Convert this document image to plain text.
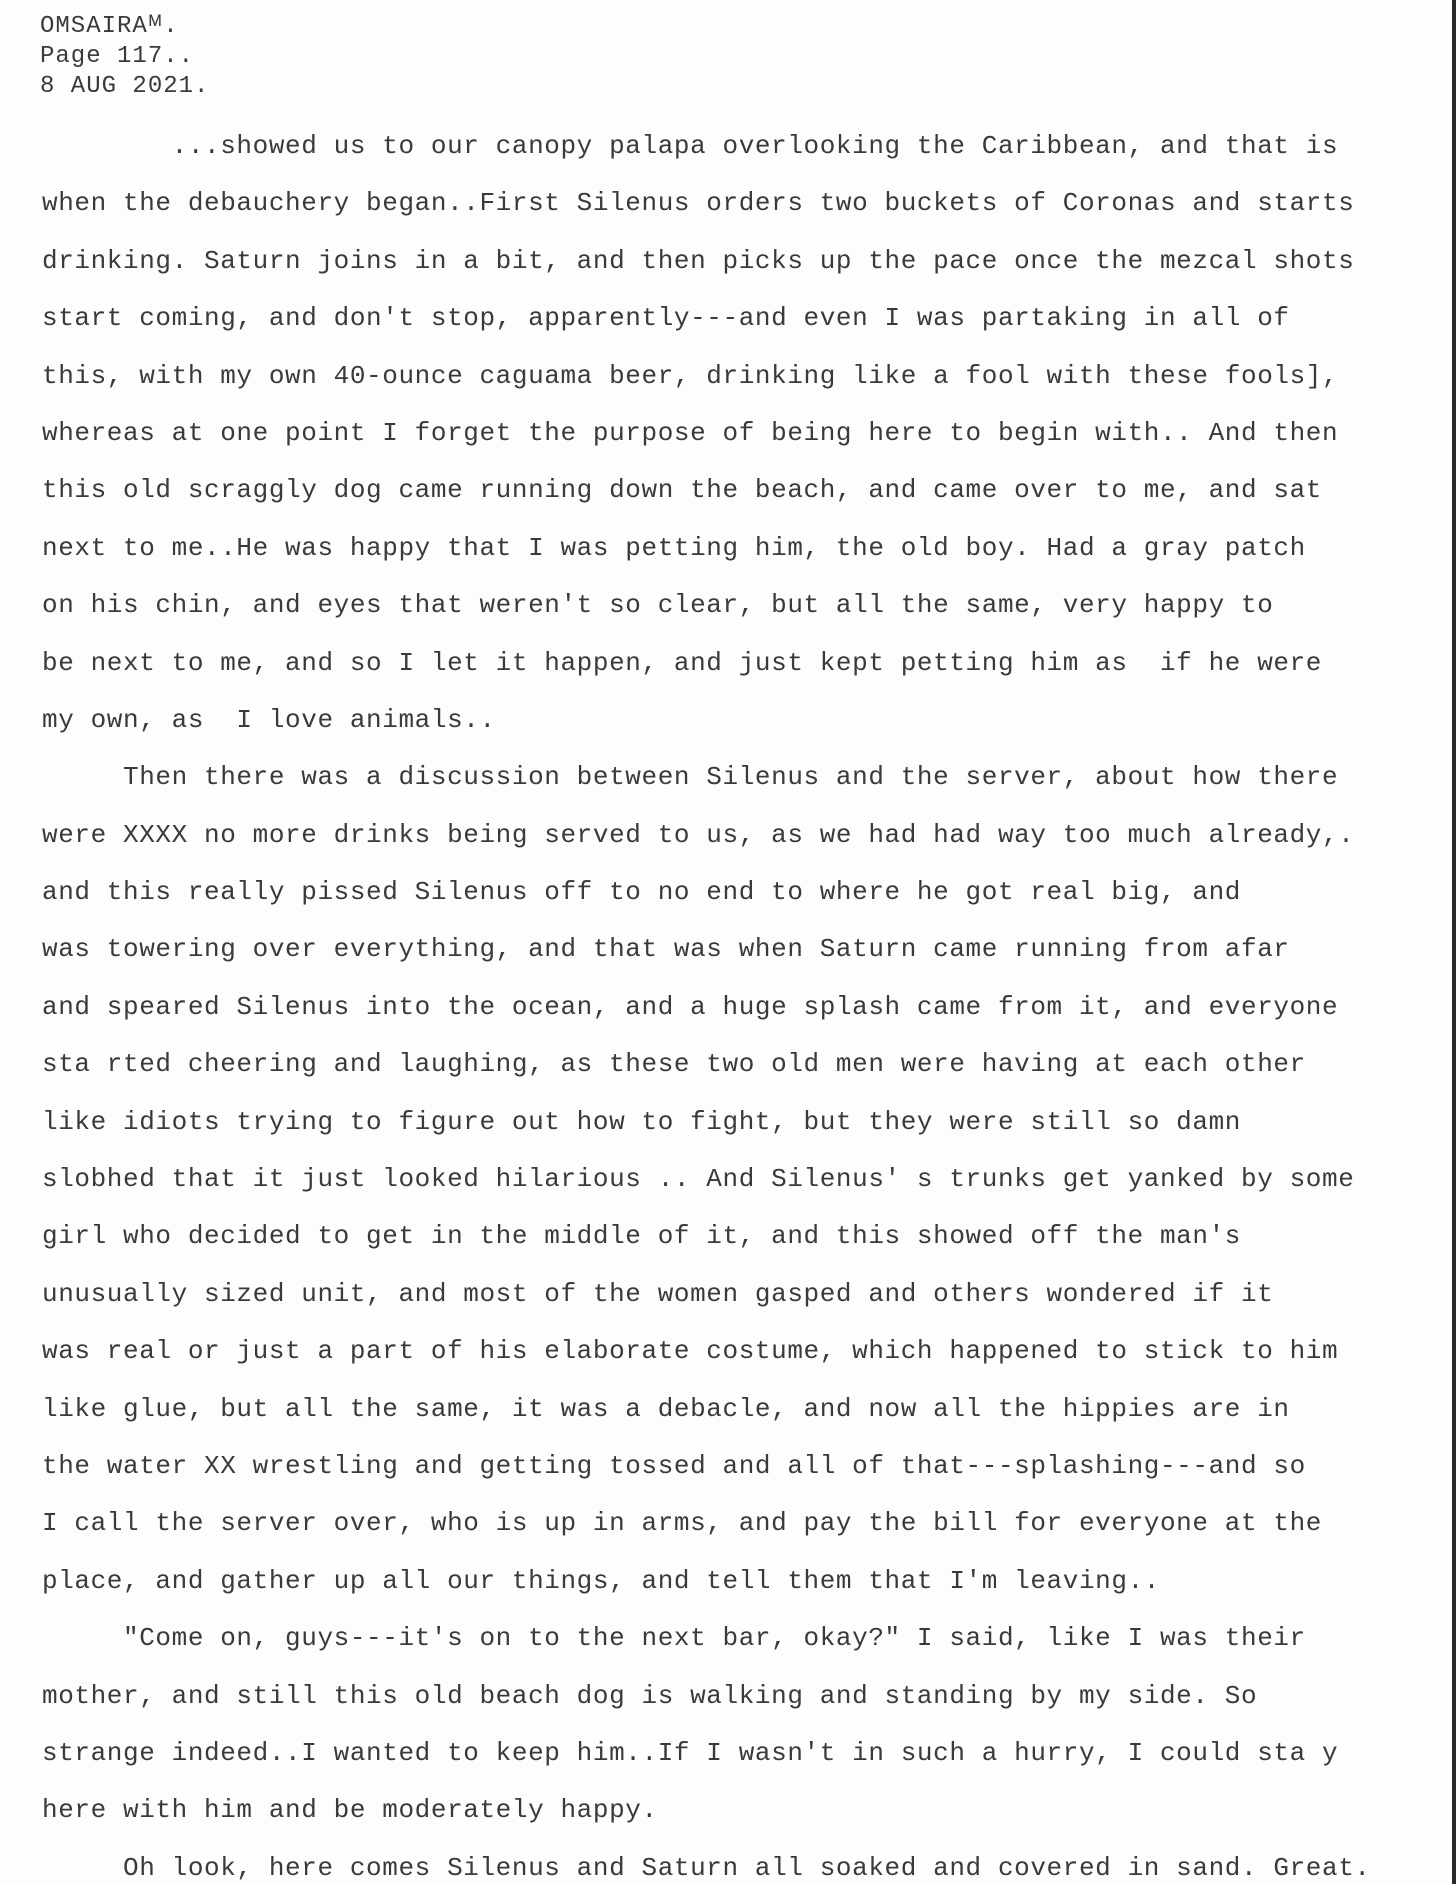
OMSAIRAᴹ.
Page 117..
8 AUG 2021.
...showed us to our canopy palapa overlooking the Caribbean, and that is
when the debauchery began..First Silenus orders two buckets of Coronas and starts
drinking. Saturn joins in a bit, and then picks up the pace once the mezcal shots
start coming, and don't stop, apparently---and even I was partaking in all of
this, with my own 40-ounce caguama beer, drinking like a fool with these fools],
whereas at one point I forget the purpose of being here to begin with.. And then
this old scraggly dog came running down the beach, and came over to me, and sat
next to me..He was happy that I was petting him, the old boy. Had a gray patch
on his chin, and eyes that weren't so clear, but all the same, very happy to
be next to me, and so I let it happen, and just kept petting him as  if he were
my own, as  I love animals..
Then there was a discussion between Silenus and the server, about how there
were XXXX no more drinks being served to us, as we had had way too much already,.
and this really pissed Silenus off to no end to where he got real big, and
was towering over everything, and that was when Saturn came running from afar
and speared Silenus into the ocean, and a huge splash came from it, and everyone
sta rted cheering and laughing, as these two old men were having at each other
like idiots trying to figure out how to fight, but they were still so damn
slobhed that it just looked hilarious .. And Silenus' s trunks get yanked by some
girl who decided to get in the middle of it, and this showed off the man's
unusually sized unit, and most of the women gasped and others wondered if it
was real or just a part of his elaborate costume, which happened to stick to him
like glue, but all the same, it was a debacle, and now all the hippies are in
the water XX wrestling and getting tossed and all of that---splashing---and so
I call the server over, who is up in arms, and pay the bill for everyone at the
place, and gather up all our things, and tell them that I'm leaving..
"Come on, guys---it's on to the next bar, okay?" I said, like I was their
mother, and still this old beach dog is walking and standing by my side. So
strange indeed..I wanted to keep him..If I wasn't in such a hurry, I could sta y
here with him and be moderately happy.
Oh look, here comes Silenus and Saturn all soaked and covered in sand. Great.
